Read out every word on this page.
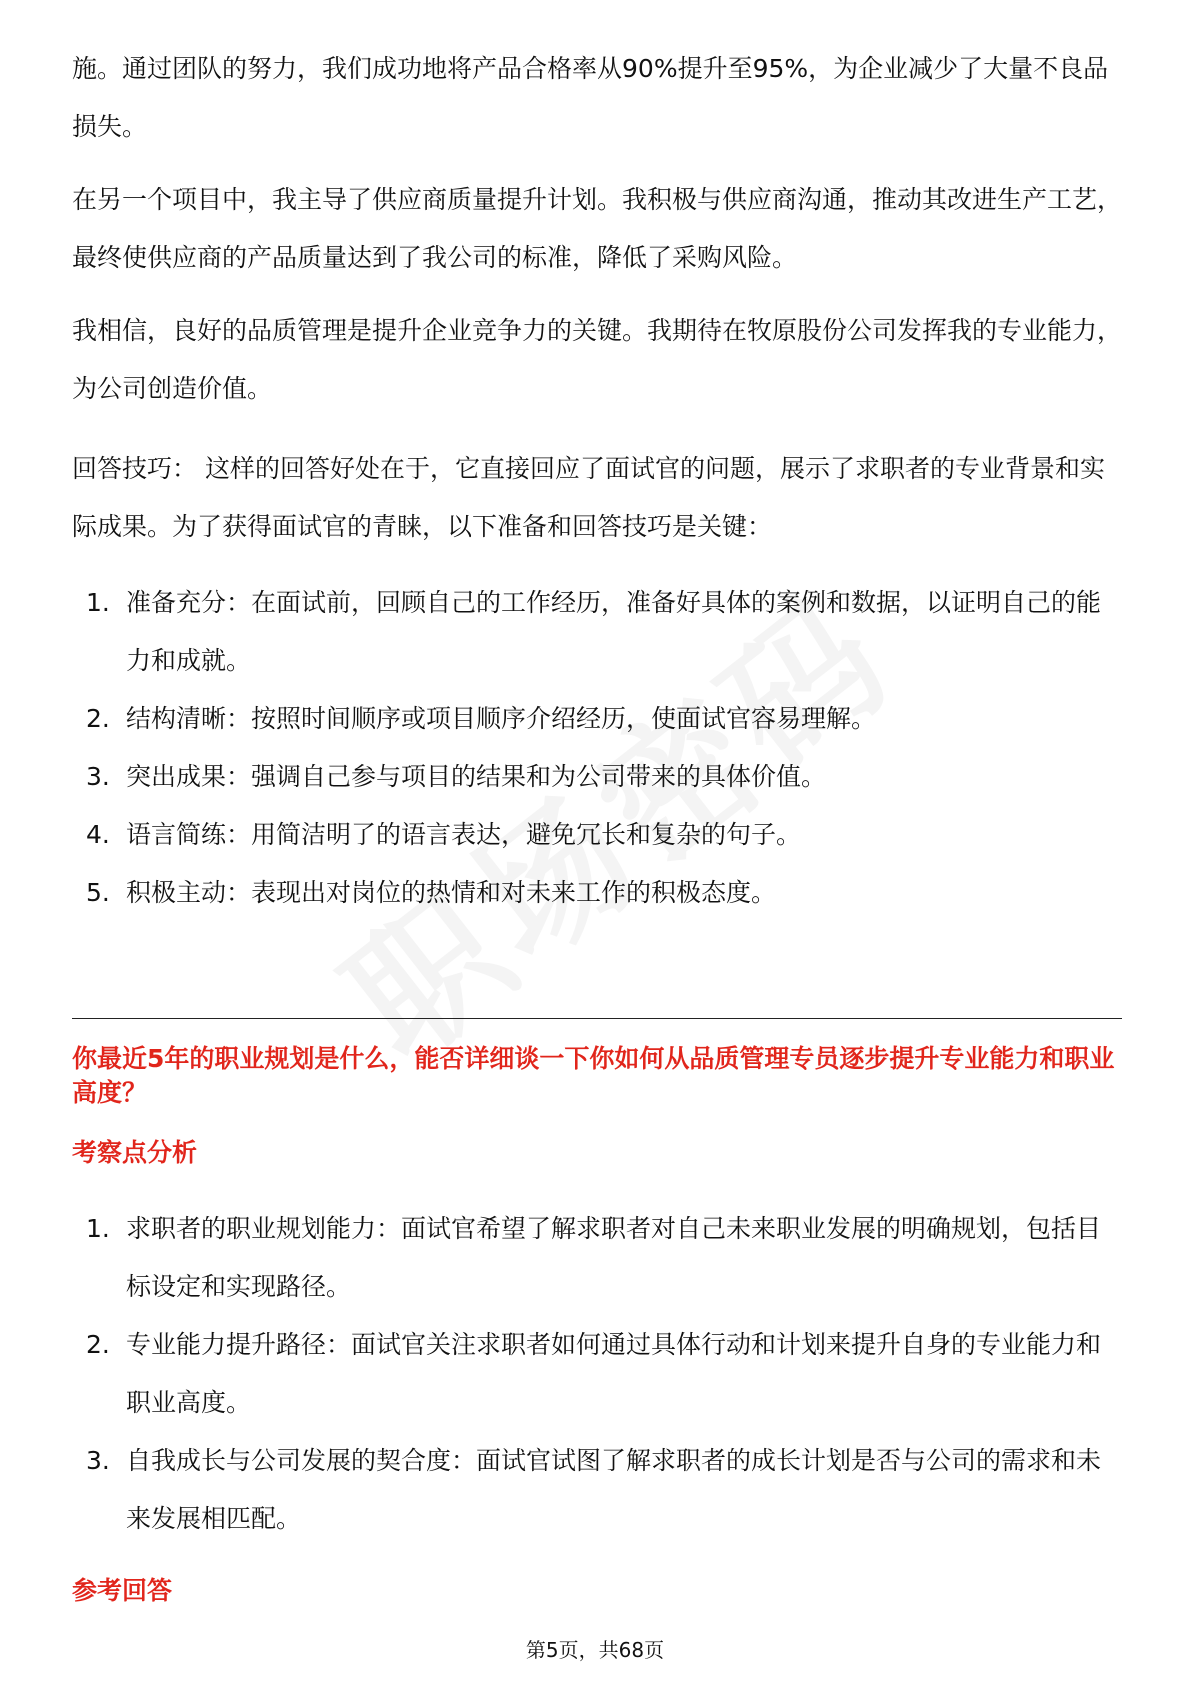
施。通过团队的努力，我们成功地将产品合格率从90%提升至95%，为企业减少了大量不良品损失。

在另一个项目中，我主导了供应商质量提升计划。我积极与供应商沟通，推动其改进生产工艺，最终使供应商的产品质量达到了我公司的标准，降低了采购风险。

我相信，良好的品质管理是提升企业竞争力的关键。我期待在牧原股份公司发挥我的专业能力，为公司创造价值。

回答技巧： 这样的回答好处在于，它直接回应了面试官的问题，展示了求职者的专业背景和实际成果。为了获得面试官的青睐，以下准备和回答技巧是关键：

1. 准备充分：在面试前，回顾自己的工作经历，准备好具体的案例和数据，以证明自己的能力和成就。
2. 结构清晰：按照时间顺序或项目顺序介绍经历，使面试官容易理解。
3. 突出成果：强调自己参与项目的结果和为公司带来的具体价值。
4. 语言简练：用简洁明了的语言表达，避免冗长和复杂的句子。
5. 积极主动：表现出对岗位的热情和对未来工作的积极态度。

你最近5年的职业规划是什么，能否详细谈一下你如何从品质管理专员逐步提升专业能力和职业高度？

考察点分析

1. 求职者的职业规划能力：面试官希望了解求职者对自己未来职业发展的明确规划，包括目标设定和实现路径。
2. 专业能力提升路径：面试官关注求职者如何通过具体行动和计划来提升自身的专业能力和职业高度。
3. 自我成长与公司发展的契合度：面试官试图了解求职者的成长计划是否与公司的需求和未来发展相匹配。

参考回答

第5页，共68页
